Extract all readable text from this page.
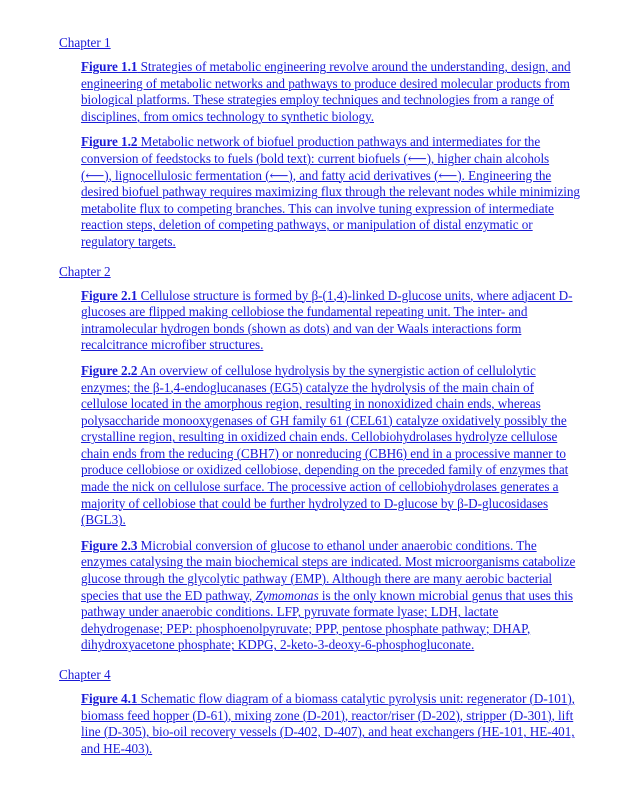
Chapter 1
Figure 1.1 Strategies of metabolic engineering revolve around the understanding, design, and engineering of metabolic networks and pathways to produce desired molecular products from biological platforms. These strategies employ techniques and technologies from a range of disciplines, from omics technology to synthetic biology.
Figure 1.2 Metabolic network of biofuel production pathways and intermediates for the conversion of feedstocks to fuels (bold text): current biofuels (⟵), higher chain alcohols (⟵), lignocellulosic fermentation (⟵), and fatty acid derivatives (⟵). Engineering the desired biofuel pathway requires maximizing flux through the relevant nodes while minimizing metabolite flux to competing branches. This can involve tuning expression of intermediate reaction steps, deletion of competing pathways, or manipulation of distal enzymatic or regulatory targets.
Chapter 2
Figure 2.1 Cellulose structure is formed by β-(1,4)-linked D-glucose units, where adjacent D-glucoses are flipped making cellobiose the fundamental repeating unit. The inter- and intramolecular hydrogen bonds (shown as dots) and van der Waals interactions form recalcitrance microfiber structures.
Figure 2.2 An overview of cellulose hydrolysis by the synergistic action of cellulolytic enzymes; the β-1,4-endoglucanases (EG5) catalyze the hydrolysis of the main chain of cellulose located in the amorphous region, resulting in nonoxidized chain ends, whereas polysaccharide monooxygenases of GH family 61 (CEL61) catalyze oxidatively possibly the crystalline region, resulting in oxidized chain ends. Cellobiohydrolases hydrolyze cellulose chain ends from the reducing (CBH7) or nonreducing (CBH6) end in a processive manner to produce cellobiose or oxidized cellobiose, depending on the preceded family of enzymes that made the nick on cellulose surface. The processive action of cellobiohydrolases generates a majority of cellobiose that could be further hydrolyzed to D-glucose by β-D-glucosidases (BGL3).
Figure 2.3 Microbial conversion of glucose to ethanol under anaerobic conditions. The enzymes catalysing the main biochemical steps are indicated. Most microorganisms catabolize glucose through the glycolytic pathway (EMP). Although there are many aerobic bacterial species that use the ED pathway, Zymomonas is the only known microbial genus that uses this pathway under anaerobic conditions. LFP, pyruvate formate lyase; LDH, lactate dehydrogenase; PEP: phosphoenolpyruvate; PPP, pentose phosphate pathway; DHAP, dihydroxyacetone phosphate; KDPG, 2-keto-3-deoxy-6-phosphogluconate.
Chapter 4
Figure 4.1 Schematic flow diagram of a biomass catalytic pyrolysis unit: regenerator (D-101), biomass feed hopper (D-61), mixing zone (D-201), reactor/riser (D-202), stripper (D-301), lift line (D-305), bio-oil recovery vessels (D-402, D-407), and heat exchangers (HE-101, HE-401, and HE-403).
